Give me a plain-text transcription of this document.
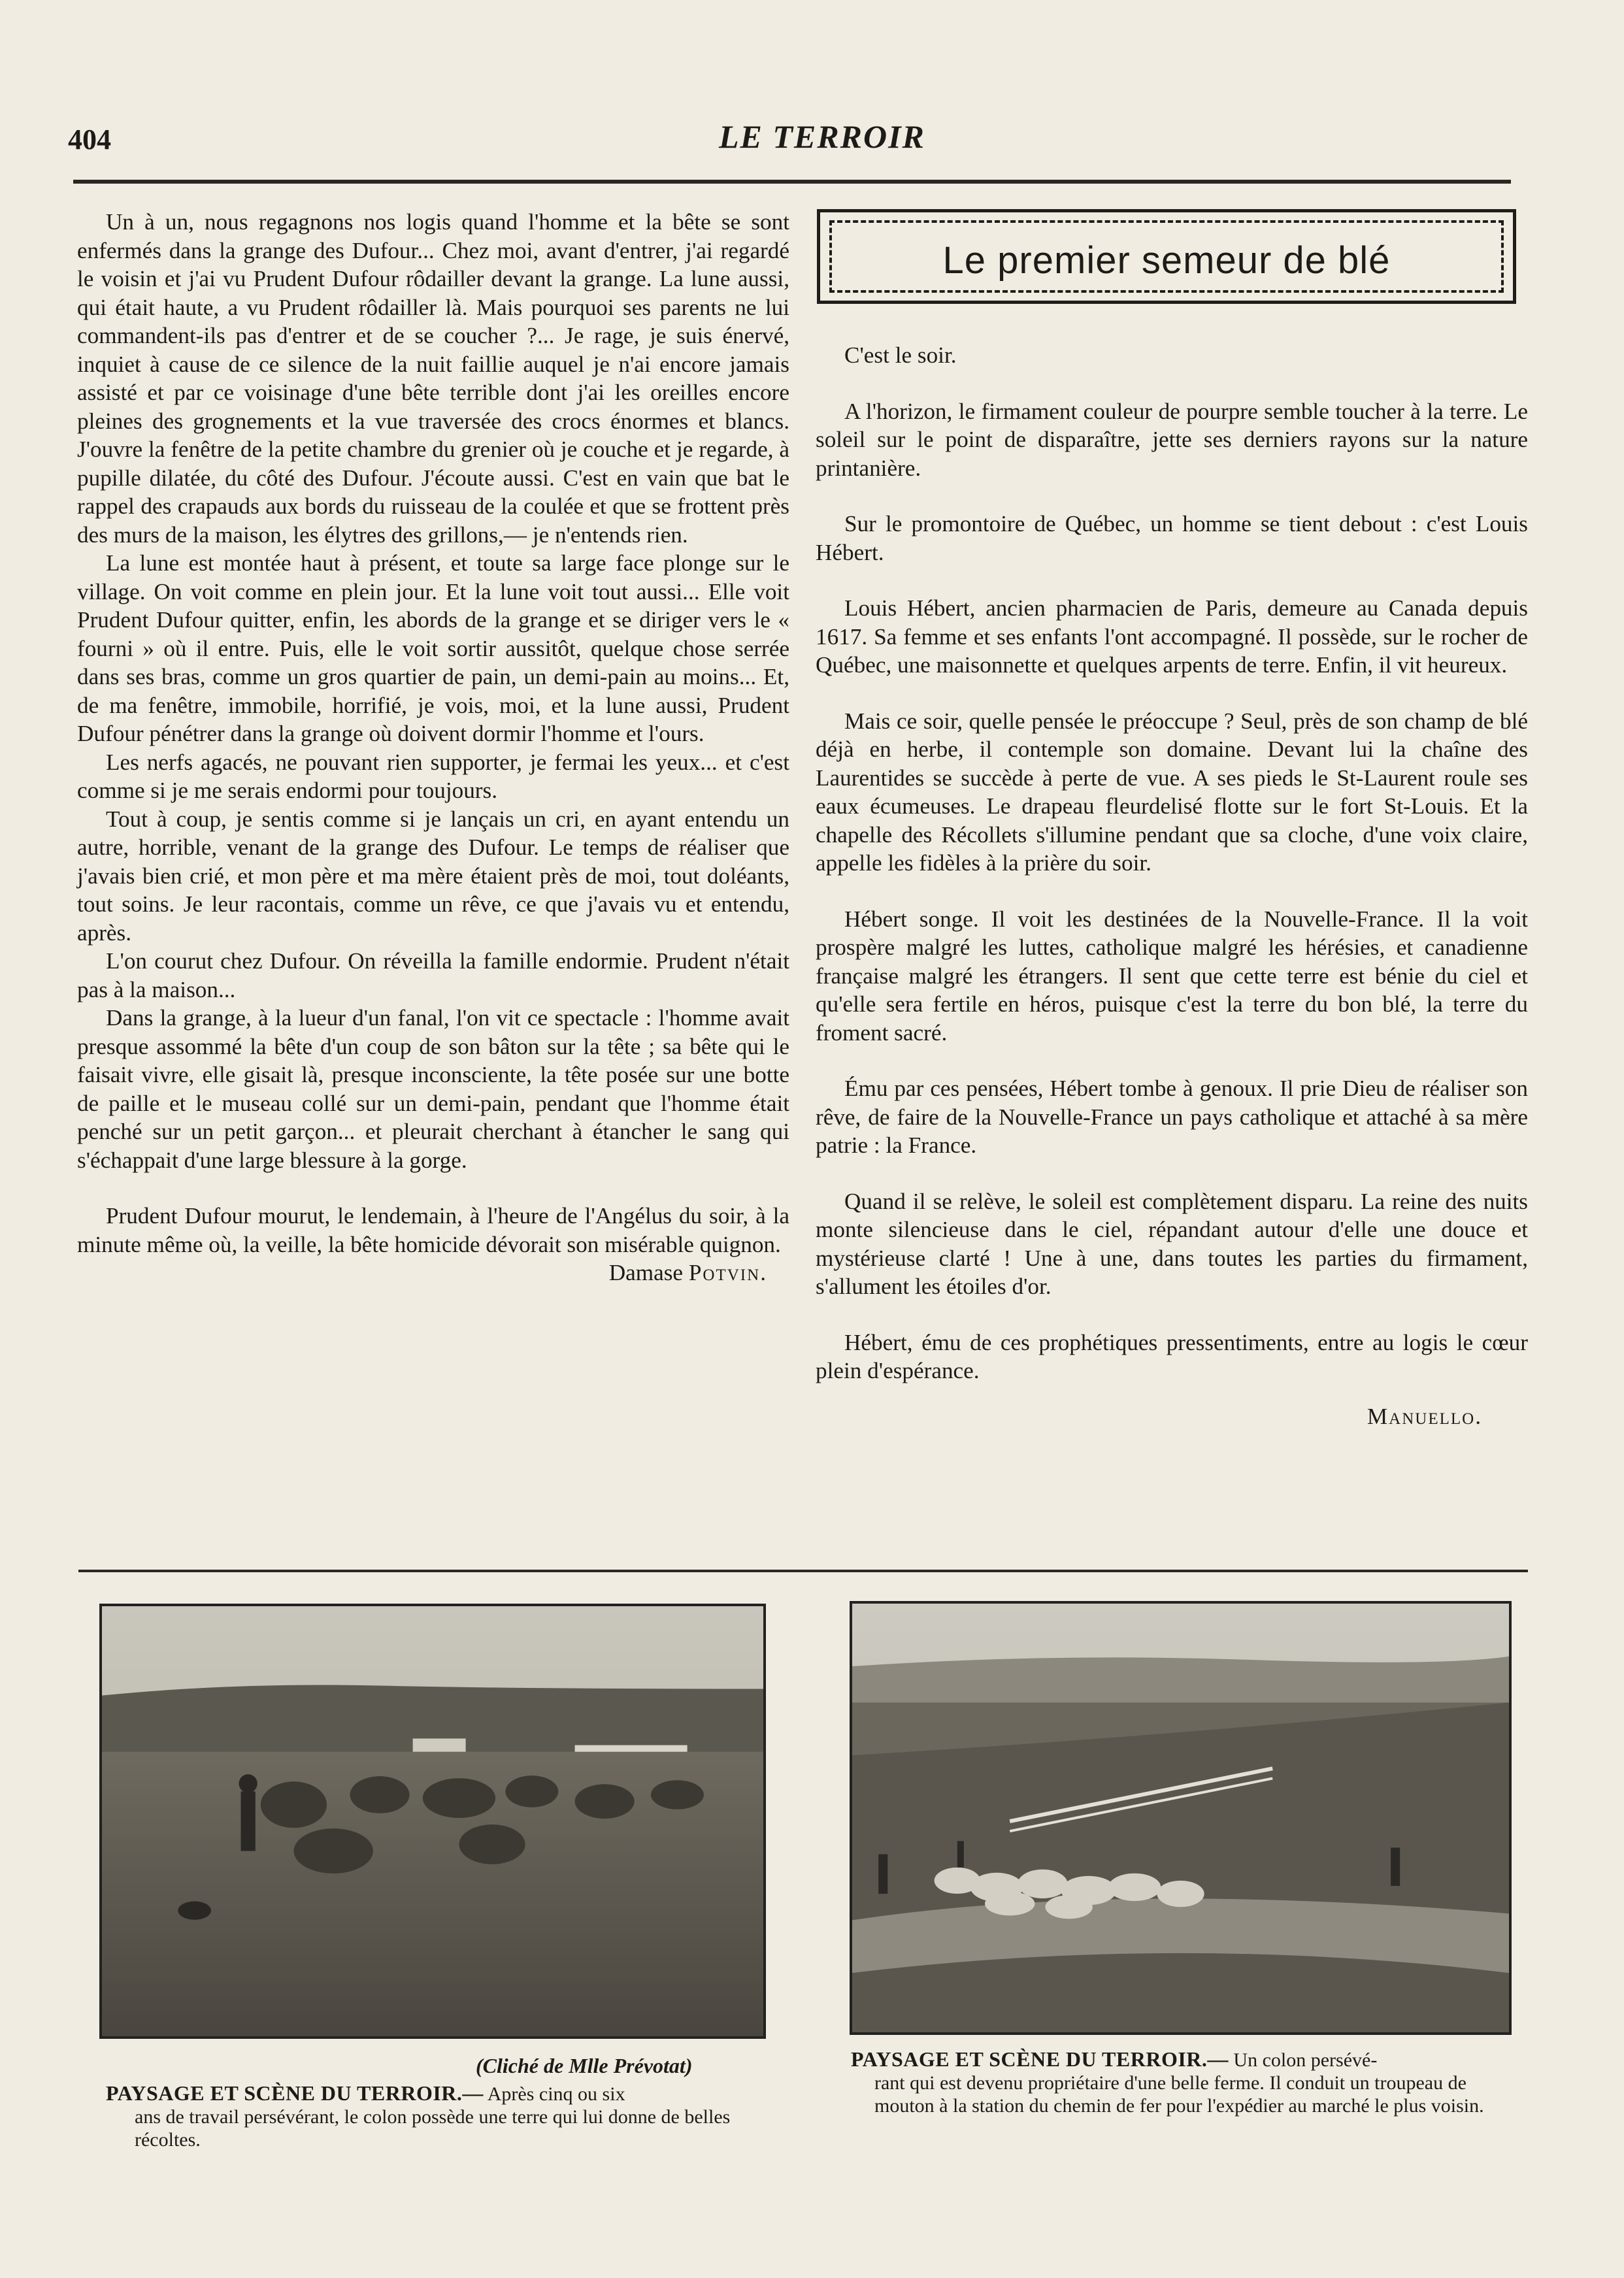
404	LE TERROIR

Un à un, nous regagnons nos logis quand l'homme et la bête se sont enfermés dans la grange des Dufour... Chez moi, avant d'entrer, j'ai regardé le voisin et j'ai vu Prudent Dufour rôdailler devant la grange. La lune aussi, qui était haute, a vu Prudent rôdailler là. Mais pourquoi ses parents ne lui commandent-ils pas d'entrer et de se coucher ?... Je rage, je suis énervé, inquiet à cause de ce silence de la nuit faillie auquel je n'ai encore jamais assisté et par ce voisinage d'une bête terrible dont j'ai les oreilles encore pleines des grognements et la vue traversée des crocs énormes et blancs. J'ouvre la fenêtre de la petite chambre du grenier où je couche et je regarde, à pupille dilatée, du côté des Dufour. J'écoute aussi. C'est en vain que bat le rappel des crapauds aux bords du ruisseau de la coulée et que se frottent près des murs de la maison, les élytres des grillons,— je n'entends rien.

La lune est montée haut à présent, et toute sa large face plonge sur le village. On voit comme en plein jour. Et la lune voit tout aussi... Elle voit Prudent Dufour quitter, enfin, les abords de la grange et se diriger vers le « fourni » où il entre. Puis, elle le voit sortir aussitôt, quelque chose serrée dans ses bras, comme un gros quartier de pain, un demi-pain au moins... Et, de ma fenêtre, immobile, horrifié, je vois, moi, et la lune aussi, Prudent Dufour pénétrer dans la grange où doivent dormir l'homme et l'ours.

Les nerfs agacés, ne pouvant rien supporter, je fermai les yeux... et c'est comme si je me serais endormi pour toujours.

Tout à coup, je sentis comme si je lançais un cri, en ayant entendu un autre, horrible, venant de la grange des Dufour. Le temps de réaliser que j'avais bien crié, et mon père et ma mère étaient près de moi, tout doléants, tout soins. Je leur racontais, comme un rêve, ce que j'avais vu et entendu, après.

L'on courut chez Dufour. On réveilla la famille endormie. Prudent n'était pas à la maison...

Dans la grange, à la lueur d'un fanal, l'on vit ce spectacle : l'homme avait presque assommé la bête d'un coup de son bâton sur la tête ; sa bête qui le faisait vivre, elle gisait là, presque inconsciente, la tête posée sur une botte de paille et le museau collé sur un demi-pain, pendant que l'homme était penché sur un petit garçon... et pleurait cherchant à étancher le sang qui s'échappait d'une large blessure à la gorge.

Prudent Dufour mourut, le lendemain, à l'heure de l'Angélus du soir, à la minute même où, la veille, la bête homicide dévorait son misérable quignon.

Damase Potvin.

Le premier semeur de blé

C'est le soir.

A l'horizon, le firmament couleur de pourpre semble toucher à la terre. Le soleil sur le point de disparaître, jette ses derniers rayons sur la nature printanière.

Sur le promontoire de Québec, un homme se tient debout : c'est Louis Hébert.

Louis Hébert, ancien pharmacien de Paris, demeure au Canada depuis 1617. Sa femme et ses enfants l'ont accompagné. Il possède, sur le rocher de Québec, une maisonnette et quelques arpents de terre. Enfin, il vit heureux.

Mais ce soir, quelle pensée le préoccupe ? Seul, près de son champ de blé déjà en herbe, il contemple son domaine. Devant lui la chaîne des Laurentides se succède à perte de vue. A ses pieds le St-Laurent roule ses eaux écumeuses. Le drapeau fleurdelisé flotte sur le fort St-Louis. Et la chapelle des Récollets s'illumine pendant que sa cloche, d'une voix claire, appelle les fidèles à la prière du soir.

Hébert songe. Il voit les destinées de la Nouvelle-France. Il la voit prospère malgré les luttes, catholique malgré les hérésies, et canadienne française malgré les étrangers. Il sent que cette terre est bénie du ciel et qu'elle sera fertile en héros, puisque c'est la terre du bon blé, la terre du froment sacré.

Ému par ces pensées, Hébert tombe à genoux. Il prie Dieu de réaliser son rêve, de faire de la Nouvelle-France un pays catholique et attaché à sa mère patrie : la France.

Quand il se relève, le soleil est complètement disparu. La reine des nuits monte silencieuse dans le ciel, répandant autour d'elle une douce et mystérieuse clarté ! Une à une, dans toutes les parties du firmament, s'allument les étoiles d'or.

Hébert, ému de ces prophétiques pressentiments, entre au logis le cœur plein d'espérance.

Manuello.

(Cliché de Mlle Prévotat)
PAYSAGE ET SCÈNE DU TERROIR.— Après cinq ou six
ans de travail persévérant, le colon possède une terre qui lui donne de belles récoltes.
PAYSAGE ET SCÈNE DU TERROIR.— Un colon persévé-
rant qui est devenu propriétaire d'une belle ferme. Il conduit un troupeau de mouton à la station du chemin de fer pour l'expédier au marché le plus voisin.
